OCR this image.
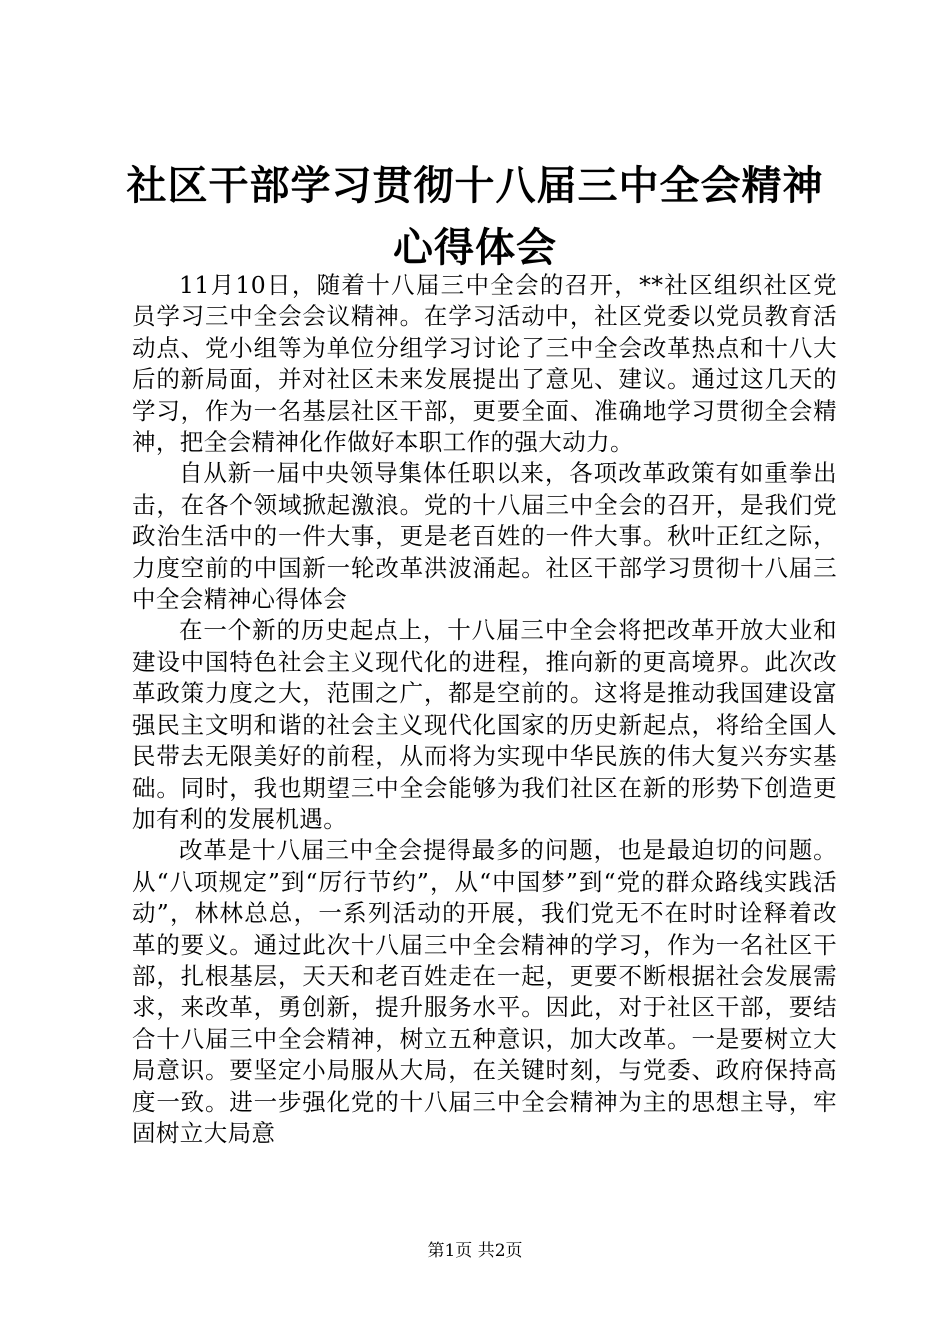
社区干部学习贯彻十八届三中全会精神心得体会

11月10日，随着十八届三中全会的召开，**社区组织社区党员学习三中全会会议精神。在学习活动中，社区党委以党员教育活动点、党小组等为单位分组学习讨论了三中全会改革热点和十八大后的新局面，并对社区未来发展提出了意见、建议。通过这几天的学习，作为一名基层社区干部，更要全面、准确地学习贯彻全会精神，把全会精神化作做好本职工作的强大动力。

自从新一届中央领导集体任职以来，各项改革政策有如重拳出击，在各个领域掀起激浪。党的十八届三中全会的召开，是我们党政治生活中的一件大事，更是老百姓的一件大事。秋叶正红之际，力度空前的中国新一轮改革洪波涌起。社区干部学习贯彻十八届三中全会精神心得体会

在一个新的历史起点上，十八届三中全会将把改革开放大业和建设中国特色社会主义现代化的进程，推向新的更高境界。此次改革政策力度之大，范围之广，都是空前的。这将是推动我国建设富强民主文明和谐的社会主义现代化国家的历史新起点，将给全国人民带去无限美好的前程，从而将为实现中华民族的伟大复兴夯实基础。同时，我也期望三中全会能够为我们社区在新的形势下创造更加有利的发展机遇。

改革是十八届三中全会提得最多的问题，也是最迫切的问题。从“八项规定”到“厉行节约”，从“中国梦”到“党的群众路线实践活动”，林林总总，一系列活动的开展，我们党无不在时时诠释着改革的要义。通过此次十八届三中全会精神的学习，作为一名社区干部，扎根基层，天天和老百姓走在一起，更要不断根据社会发展需求，来改革，勇创新，提升服务水平。因此，对于社区干部，要结合十八届三中全会精神，树立五种意识，加大改革。一是要树立大局意识。要坚定小局服从大局，在关键时刻，与党委、政府保持高度一致。进一步强化党的十八届三中全会精神为主的思想主导，牢固树立大局意

第1页 共2页
